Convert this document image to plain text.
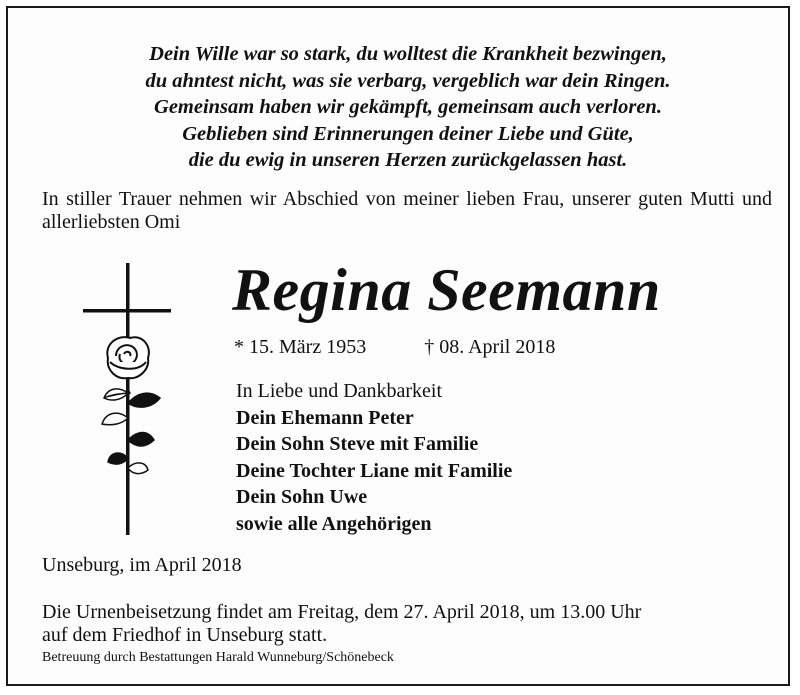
Dein Wille war so stark, du wolltest die Krankheit bezwingen,
du ahntest nicht, was sie verbarg, vergeblich war dein Ringen.
Gemeinsam haben wir gekämpft, gemeinsam auch verloren.
Geblieben sind Erinnerungen deiner Liebe und Güte,
die du ewig in unseren Herzen zurückgelassen hast.
In stiller Trauer nehmen wir Abschied von meiner lieben Frau, unserer guten Mutti und allerliebsten Omi
Regina Seemann
* 15. März 1953	† 08. April 2018
In Liebe und Dankbarkeit
Dein Ehemann Peter
Dein Sohn Steve mit Familie
Deine Tochter Liane mit Familie
Dein Sohn Uwe
sowie alle Angehörigen
Unseburg, im April 2018
Die Urnenbeisetzung findet am Freitag, dem 27. April 2018, um 13.00 Uhr
auf dem Friedhof in Unseburg statt.
Betreuung durch Bestattungen Harald Wunneburg/Schönebeck
